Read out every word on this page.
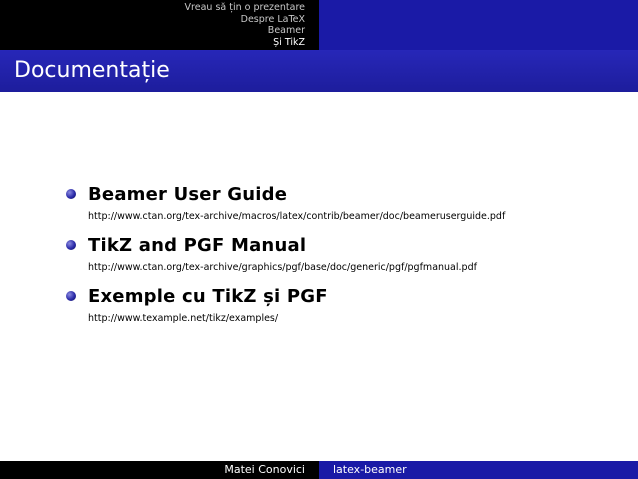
Vreau să țin o prezentare
Despre LaTeX
Beamer
Și TikZ
Documentație
Beamer User Guide
http://www.ctan.org/tex-archive/macros/latex/contrib/beamer/doc/beameruserguide.pdf
TikZ and PGF Manual
http://www.ctan.org/tex-archive/graphics/pgf/base/doc/generic/pgf/pgfmanual.pdf
Exemple cu TikZ și PGF
http://www.texample.net/tikz/examples/
Matei Conovici	latex-beamer
